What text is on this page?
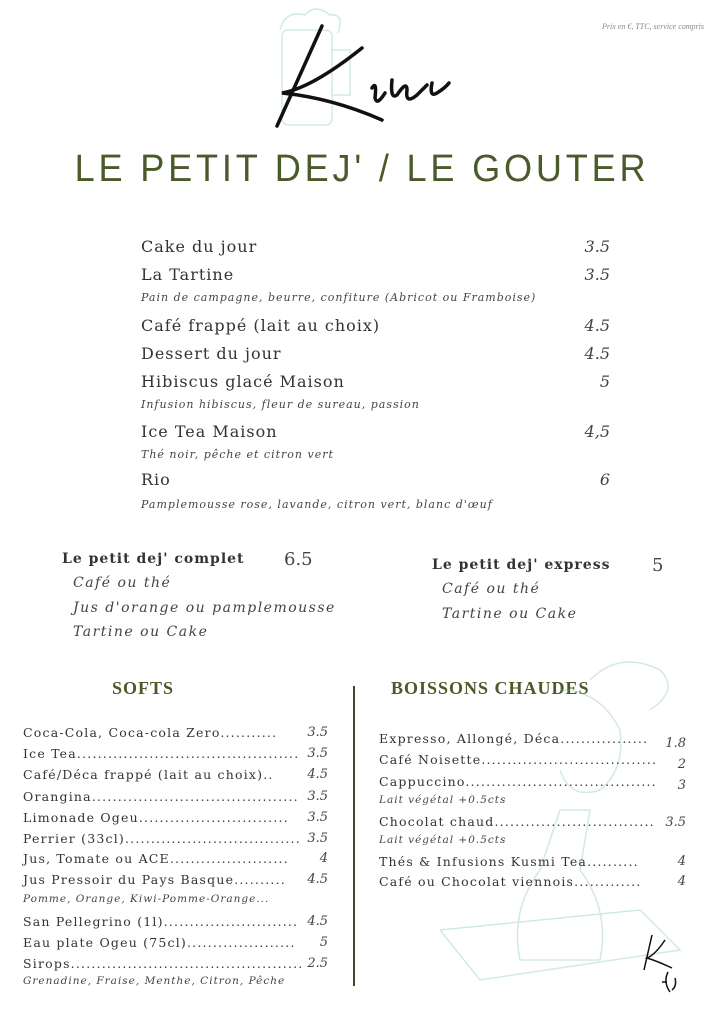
Prix en €, TTC, service compris
LE PETIT DEJ' / LE GOUTER
Cake du jour	3.5
La Tartine	3.5
Pain de campagne, beurre, confiture (Abricot ou Framboise)
Café frappé (lait au choix)	4.5
Dessert du jour	4.5
Hibiscus glacé Maison	5
Infusion hibiscus, fleur de sureau, passion
Ice Tea Maison	4,5
Thé noir, pêche et citron vert
Rio	6
Pamplemousse rose, lavande, citron vert, blanc d'œuf
Le petit dej' complet 6.5
Café ou thé
Jus d'orange ou pamplemousse
Tartine ou Cake
Le petit dej' express 5
Café ou thé
Tartine ou Cake
SOFTS	BOISSONS CHAUDES
Coca-Cola, Coca-cola Zero...........	3.5
Ice Tea........................................... 3.5
Café/Déca frappé (lait au choix)..	4.5
Orangina........................................ 3.5
Limonade Ogeu.............................	3.5
Perrier (33cl).................................. 3.5
Jus, Tomate ou ACE.......................	4
Jus Pressoir du Pays Basque..........	4.5
Pomme, Orange, Kiwi-Pomme-Orange...
San Pellegrino (1l).......................... 4.5
Eau plate Ogeu (75cl).....................	5
Sirops............................................. 2.5
Grenadine, Fraise, Menthe, Citron, Pêche
Expresso, Allongé, Déca.................	1.8
Café Noisette..................................	2
Cappuccino.....................................	3
Lait végétal +0.5cts
Chocolat chaud............................... 3.5
Lait végétal +0.5cts
Thés & Infusions Kusmi Tea..........	4
Café ou Chocolat viennois.............	4
